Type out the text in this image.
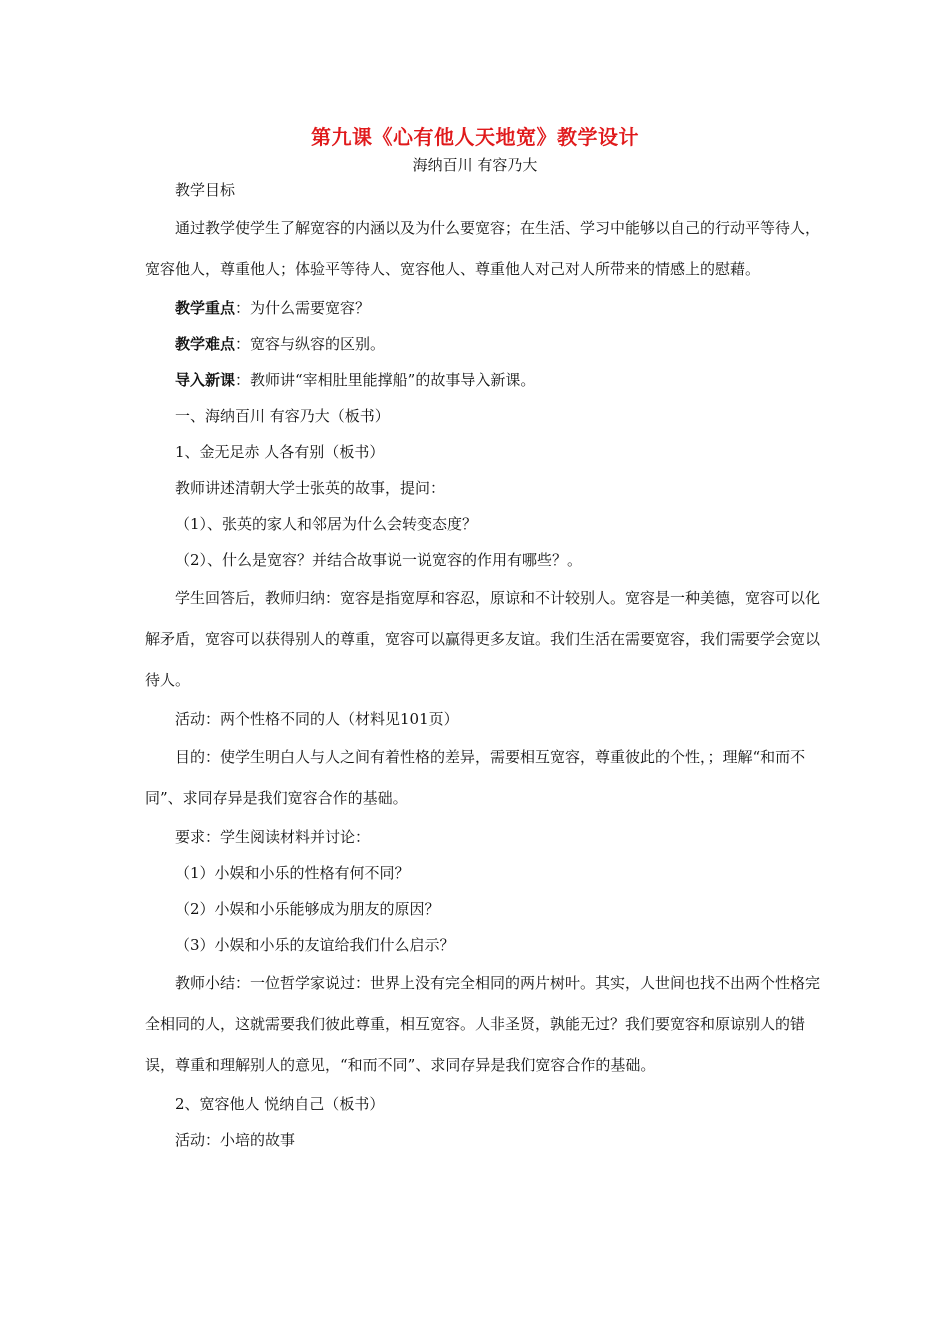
第九课《心有他人天地宽》教学设计
海纳百川 有容乃大

教学目标

通过教学使学生了解宽容的内涵以及为什么要宽容；在生活、学习中能够以自己的行动平等待人，宽容他人，尊重他人；体验平等待人、宽容他人、尊重他人对己对人所带来的情感上的慰藉。

教学重点：为什么需要宽容？

教学难点：宽容与纵容的区别。

导入新课：教师讲“宰相肚里能撑船”的故事导入新课。

一、海纳百川 有容乃大（板书）

1、金无足赤 人各有别（板书）

教师讲述清朝大学士张英的故事，提问：

（1）、张英的家人和邻居为什么会转变态度？

（2）、什么是宽容？并结合故事说一说宽容的作用有哪些？。

学生回答后，教师归纳：宽容是指宽厚和容忍，原谅和不计较别人。宽容是一种美德，宽容可以化解矛盾，宽容可以获得别人的尊重，宽容可以赢得更多友谊。我们生活在需要宽容，我们需要学会宽以待人。

活动：两个性格不同的人（材料见101页）

目的：使学生明白人与人之间有着性格的差异，需要相互宽容，尊重彼此的个性，；理解“和而不同”、求同存异是我们宽容合作的基础。

要求：学生阅读材料并讨论：

（1）小娱和小乐的性格有何不同？

（2）小娱和小乐能够成为朋友的原因？

（3）小娱和小乐的友谊给我们什么启示？

教师小结：一位哲学家说过：世界上没有完全相同的两片树叶。其实，人世间也找不出两个性格完全相同的人，这就需要我们彼此尊重，相互宽容。人非圣贤，孰能无过？我们要宽容和原谅别人的错误，尊重和理解别人的意见，“和而不同”、求同存异是我们宽容合作的基础。

2、宽容他人 悦纳自己（板书）

活动：小培的故事
